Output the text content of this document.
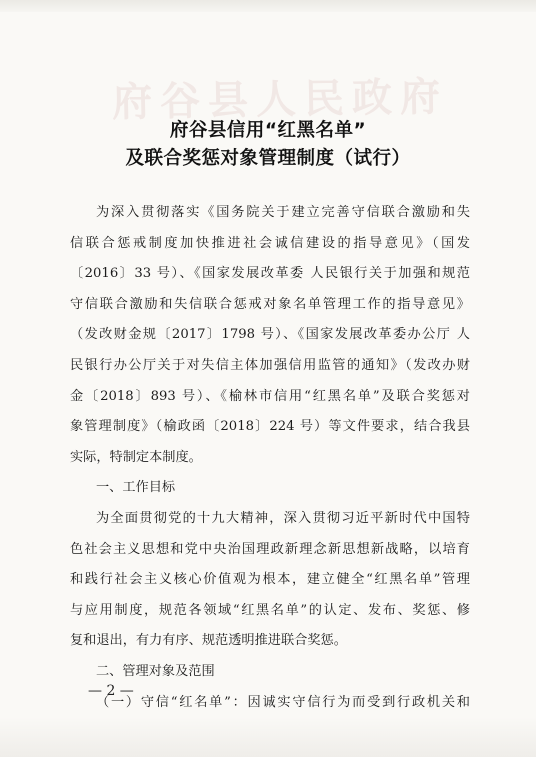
府谷县人民政府
府谷县信用“红黑名单”
及联合奖惩对象管理制度（试行）
为深入贯彻落实《国务院关于建立完善守信联合激励和失
信联合惩戒制度加快推进社会诚信建设的指导意见》（国发
〔2016〕33 号）、《国家发展改革委 人民银行关于加强和规范
守信联合激励和失信联合惩戒对象名单管理工作的指导意见》
（发改财金规〔2017〕1798 号）、《国家发展改革委办公厅 人
民银行办公厅关于对失信主体加强信用监管的通知》（发改办财
金〔2018〕893 号）、《榆林市信用“红黑名单”及联合奖惩对
象管理制度》（榆政函〔2018〕224 号）等文件要求，结合我县
实际，特制定本制度。
一、工作目标
为全面贯彻党的十九大精神，深入贯彻习近平新时代中国特
色社会主义思想和党中央治国理政新理念新思想新战略，以培育
和践行社会主义核心价值观为根本，建立健全“红黑名单”管理
与应用制度，规范各领域“红黑名单”的认定、发布、奖惩、修
复和退出，有力有序、规范透明推进联合奖惩。
二、管理对象及范围
（一）守信“红名单”：因诚实守信行为而受到行政机关和
— 2 —
